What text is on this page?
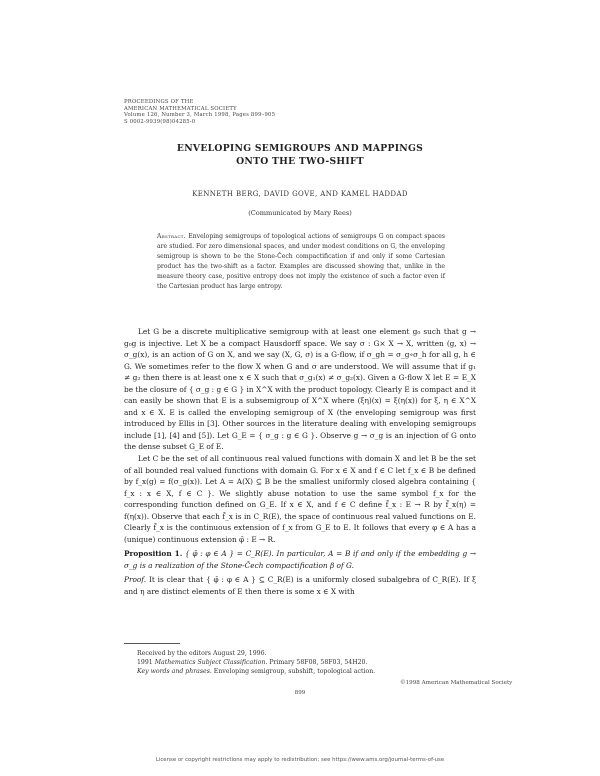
PROCEEDINGS OF THE
AMERICAN MATHEMATICAL SOCIETY
Volume 126, Number 3, March 1998, Pages 899–905
S 0002-9939(98)04285-0
ENVELOPING SEMIGROUPS AND MAPPINGS
ONTO THE TWO-SHIFT
KENNETH BERG, DAVID GOVE, AND KAMEL HADDAD
(Communicated by Mary Rees)
Abstract. Enveloping semigroups of topological actions of semigroups G on compact spaces are studied. For zero dimensional spaces, and under modest conditions on G, the enveloping semigroup is shown to be the Stone-Čech compactification if and only if some Cartesian product has the two-shift as a factor. Examples are discussed showing that, unlike in the measure theory case, positive entropy does not imply the existence of such a factor even if the Cartesian product has large entropy.

Let G be a discrete multiplicative semigroup with at least one element g₀ such that g → g₀g is injective. Let X be a compact Hausdorff space. We say σ : G× X → X, written (g, x) → σ_g(x), is an action of G on X, and we say (X, G, σ) is a G-flow, if σ_gh = σ_g∘σ_h for all g, h ∈ G. We sometimes refer to the flow X when G and σ are understood. We will assume that if g₁ ≠ g₂ then there is at least one x ∈ X such that σ_g₁(x) ≠ σ_g₂(x). Given a G-flow X let E = E_X be the closure of { σ_g : g ∈ G } in X^X with the product topology. Clearly E is compact and it can easily be shown that E is a subsemigroup of X^X where (ξη)(x) = ξ(η(x)) for ξ, η ∈ X^X and x ∈ X. E is called the enveloping semigroup of X (the enveloping semigroup was first introduced by Ellis in [3]. Other sources in the literature dealing with enveloping semigroups include [1], [4] and [5]). Let G_E = { σ_g : g ∈ G }. Observe g → σ_g is an injection of G onto the dense subset G_E of E.

Let C be the set of all continuous real valued functions with domain X and let B be the set of all bounded real valued functions with domain G. For x ∈ X and f ∈ C let f_x ∈ B be defined by f_x(g) = f(σ_g(x)). Let A = A(X) ⊆ B be the smallest uniformly closed algebra containing { f_x : x ∈ X, f ∈ C }. We slightly abuse notation to use the same symbol f_x for the corresponding function defined on G_E. If x ∈ X, and f ∈ C define f̄_x : E → R by f̄_x(η) = f(η(x)). Observe that each f̄_x is in C_R(E), the space of continuous real valued functions on E. Clearly f̄_x is the continuous extension of f_x from G_E to E. It follows that every φ ∈ A has a (unique) continuous extension φ̄ : E → R.

Proposition 1. { φ̄ : φ ∈ A } = C_R(E). In particular, A = B if and only if the embedding g → σ_g is a realization of the Stone-Čech compactification β of G.

Proof. It is clear that { φ̄ : φ ∈ A } ⊆ C_R(E) is a uniformly closed subalgebra of C_R(E). If ξ and η are distinct elements of E then there is some x ∈ X with

Received by the editors August 29, 1996.
1991 Mathematics Subject Classification. Primary 58F08, 58F03, 54H20.
Key words and phrases. Enveloping semigroup, subshift, topological action.
©1998 American Mathematical Society
899
License or copyright restrictions may apply to redistribution; see https://www.ams.org/journal-terms-of-use
